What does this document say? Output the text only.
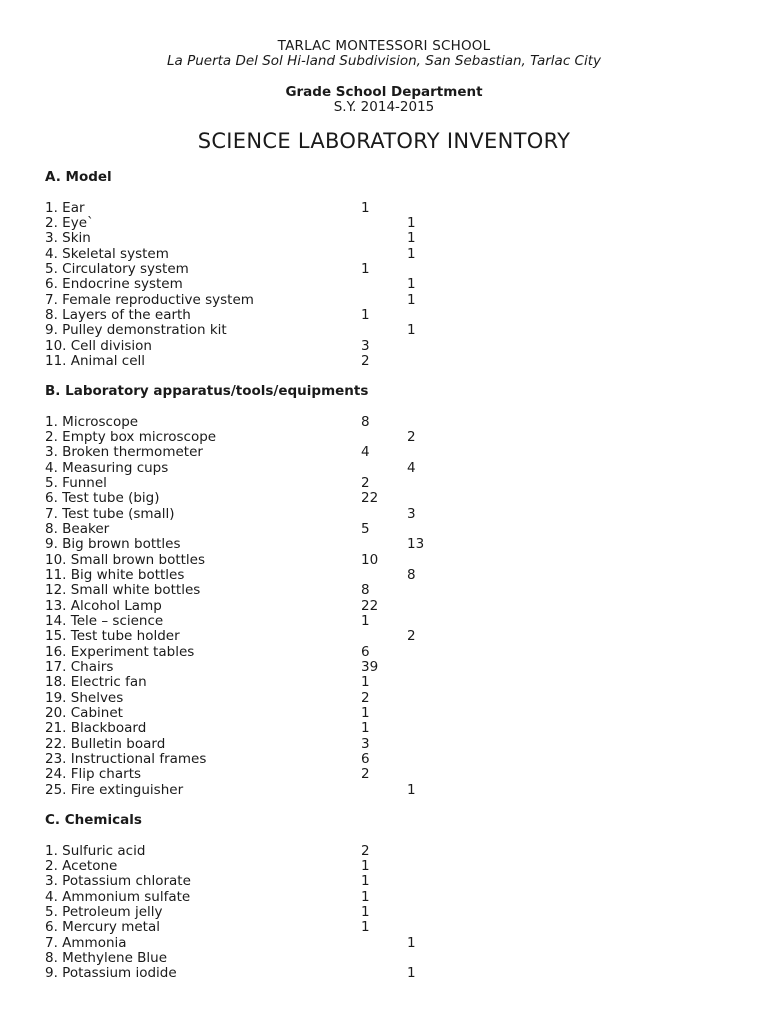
TARLAC MONTESSORI SCHOOL
La Puerta Del Sol Hi-land Subdivision, San Sebastian, Tarlac City
Grade School Department
S.Y. 2014-2015
SCIENCE LABORATORY INVENTORY
A. Model
1. Ear	1
2. Eye`	1
3. Skin	1
4. Skeletal system	1
5. Circulatory system	1
6. Endocrine system	1
7. Female reproductive system	1
8. Layers of the earth	1
9. Pulley demonstration kit	1
10. Cell division	3
11. Animal cell	2
B. Laboratory apparatus/tools/equipments
1. Microscope	8
2. Empty box microscope	2
3. Broken thermometer	4
4. Measuring cups	4
5. Funnel	2
6. Test tube (big)	22
7. Test tube (small)	3
8. Beaker	5
9. Big brown bottles	13
10. Small brown bottles	10
11. Big white bottles	8
12. Small white bottles	8
13. Alcohol Lamp	22
14. Tele – science	1
15. Test tube holder	2
16. Experiment tables	6
17. Chairs	39
18. Electric fan	1
19. Shelves	2
20. Cabinet	1
21. Blackboard	1
22. Bulletin board	3
23. Instructional frames	6
24. Flip charts	2
25. Fire extinguisher	1
C. Chemicals
1. Sulfuric acid	2
2. Acetone	1
3. Potassium chlorate	1
4. Ammonium sulfate	1
5. Petroleum jelly	1
6. Mercury metal	1
7. Ammonia	1
8. Methylene Blue
9. Potassium iodide	1
